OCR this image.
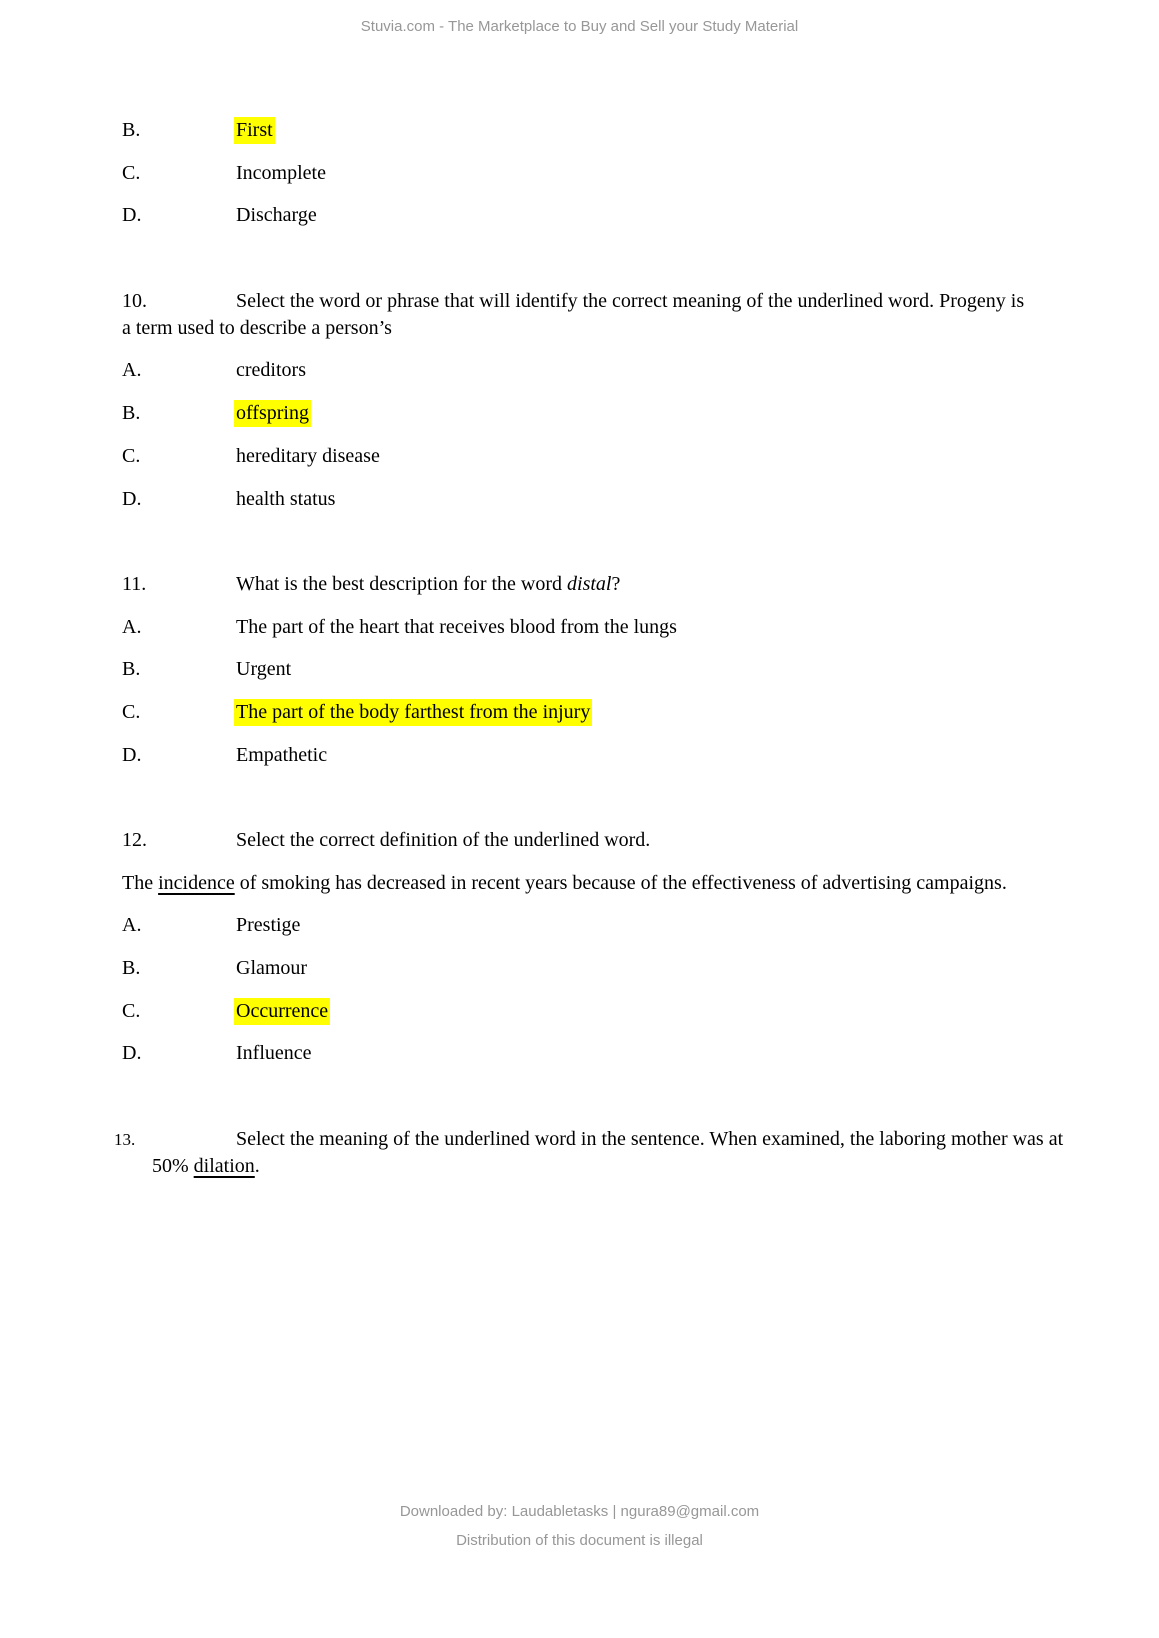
Stuvia.com - The Marketplace to Buy and Sell your Study Material
B.	First
C.	Incomplete
D.	Discharge

10.	Select the word or phrase that will identify the correct meaning of the underlined word. Progeny is a term used to describe a person’s

A.	creditors
B.	offspring
C.	hereditary disease
D.	health status

11.	What is the best description for the word distal?

A.	The part of the heart that receives blood from the lungs
B.	Urgent
C.	The part of the body farthest from the injury
D.	Empathetic

12.	Select the correct definition of the underlined word.

The incidence of smoking has decreased in recent years because of the effectiveness of advertising campaigns.

A.	Prestige
B.	Glamour
C.	Occurrence
D.	Influence

13.	Select the meaning of the underlined word in the sentence. When examined, the laboring mother was at 50% dilation.

Downloaded by: Laudabletasks | ngura89@gmail.com
Distribution of this document is illegal
